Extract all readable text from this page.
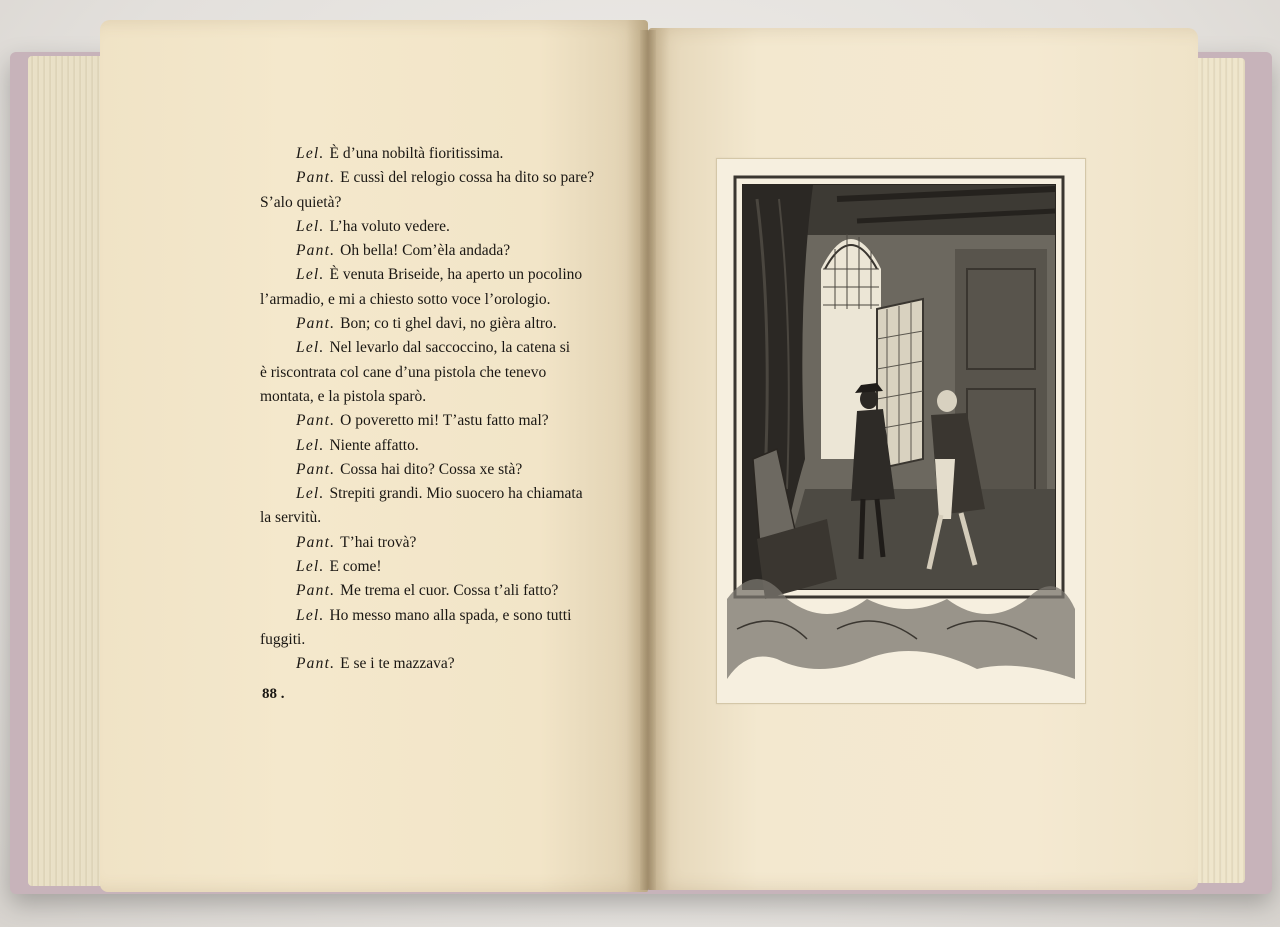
Lel. È d’una nobiltà fioritissima.
Pant. E cussì del relogio cossa ha dito so pare?
S’alo quietà?
Lel. L’ha voluto vedere.
Pant. Oh bella! Com’èla andada?
Lel. È venuta Briseide, ha aperto un pocolino
l’armadio, e mi a chiesto sotto voce l’orologio.
Pant. Bon; co ti ghel davi, no gièra altro.
Lel. Nel levarlo dal saccoccino, la catena si
è riscontrata col cane d’una pistola che tenevo
montata, e la pistola sparò.
Pant. O poveretto mi! T’astu fatto mal?
Lel. Niente affatto.
Pant. Cossa hai dito? Cossa xe stà?
Lel. Strepiti grandi. Mio suocero ha chiamata
la servitù.
Pant. T’hai trovà?
Lel. E come!
Pant. Me trema el cuor. Cossa t’ali fatto?
Lel. Ho messo mano alla spada, e sono tutti
fuggiti.
Pant. E se i te mazzava?
88 .
